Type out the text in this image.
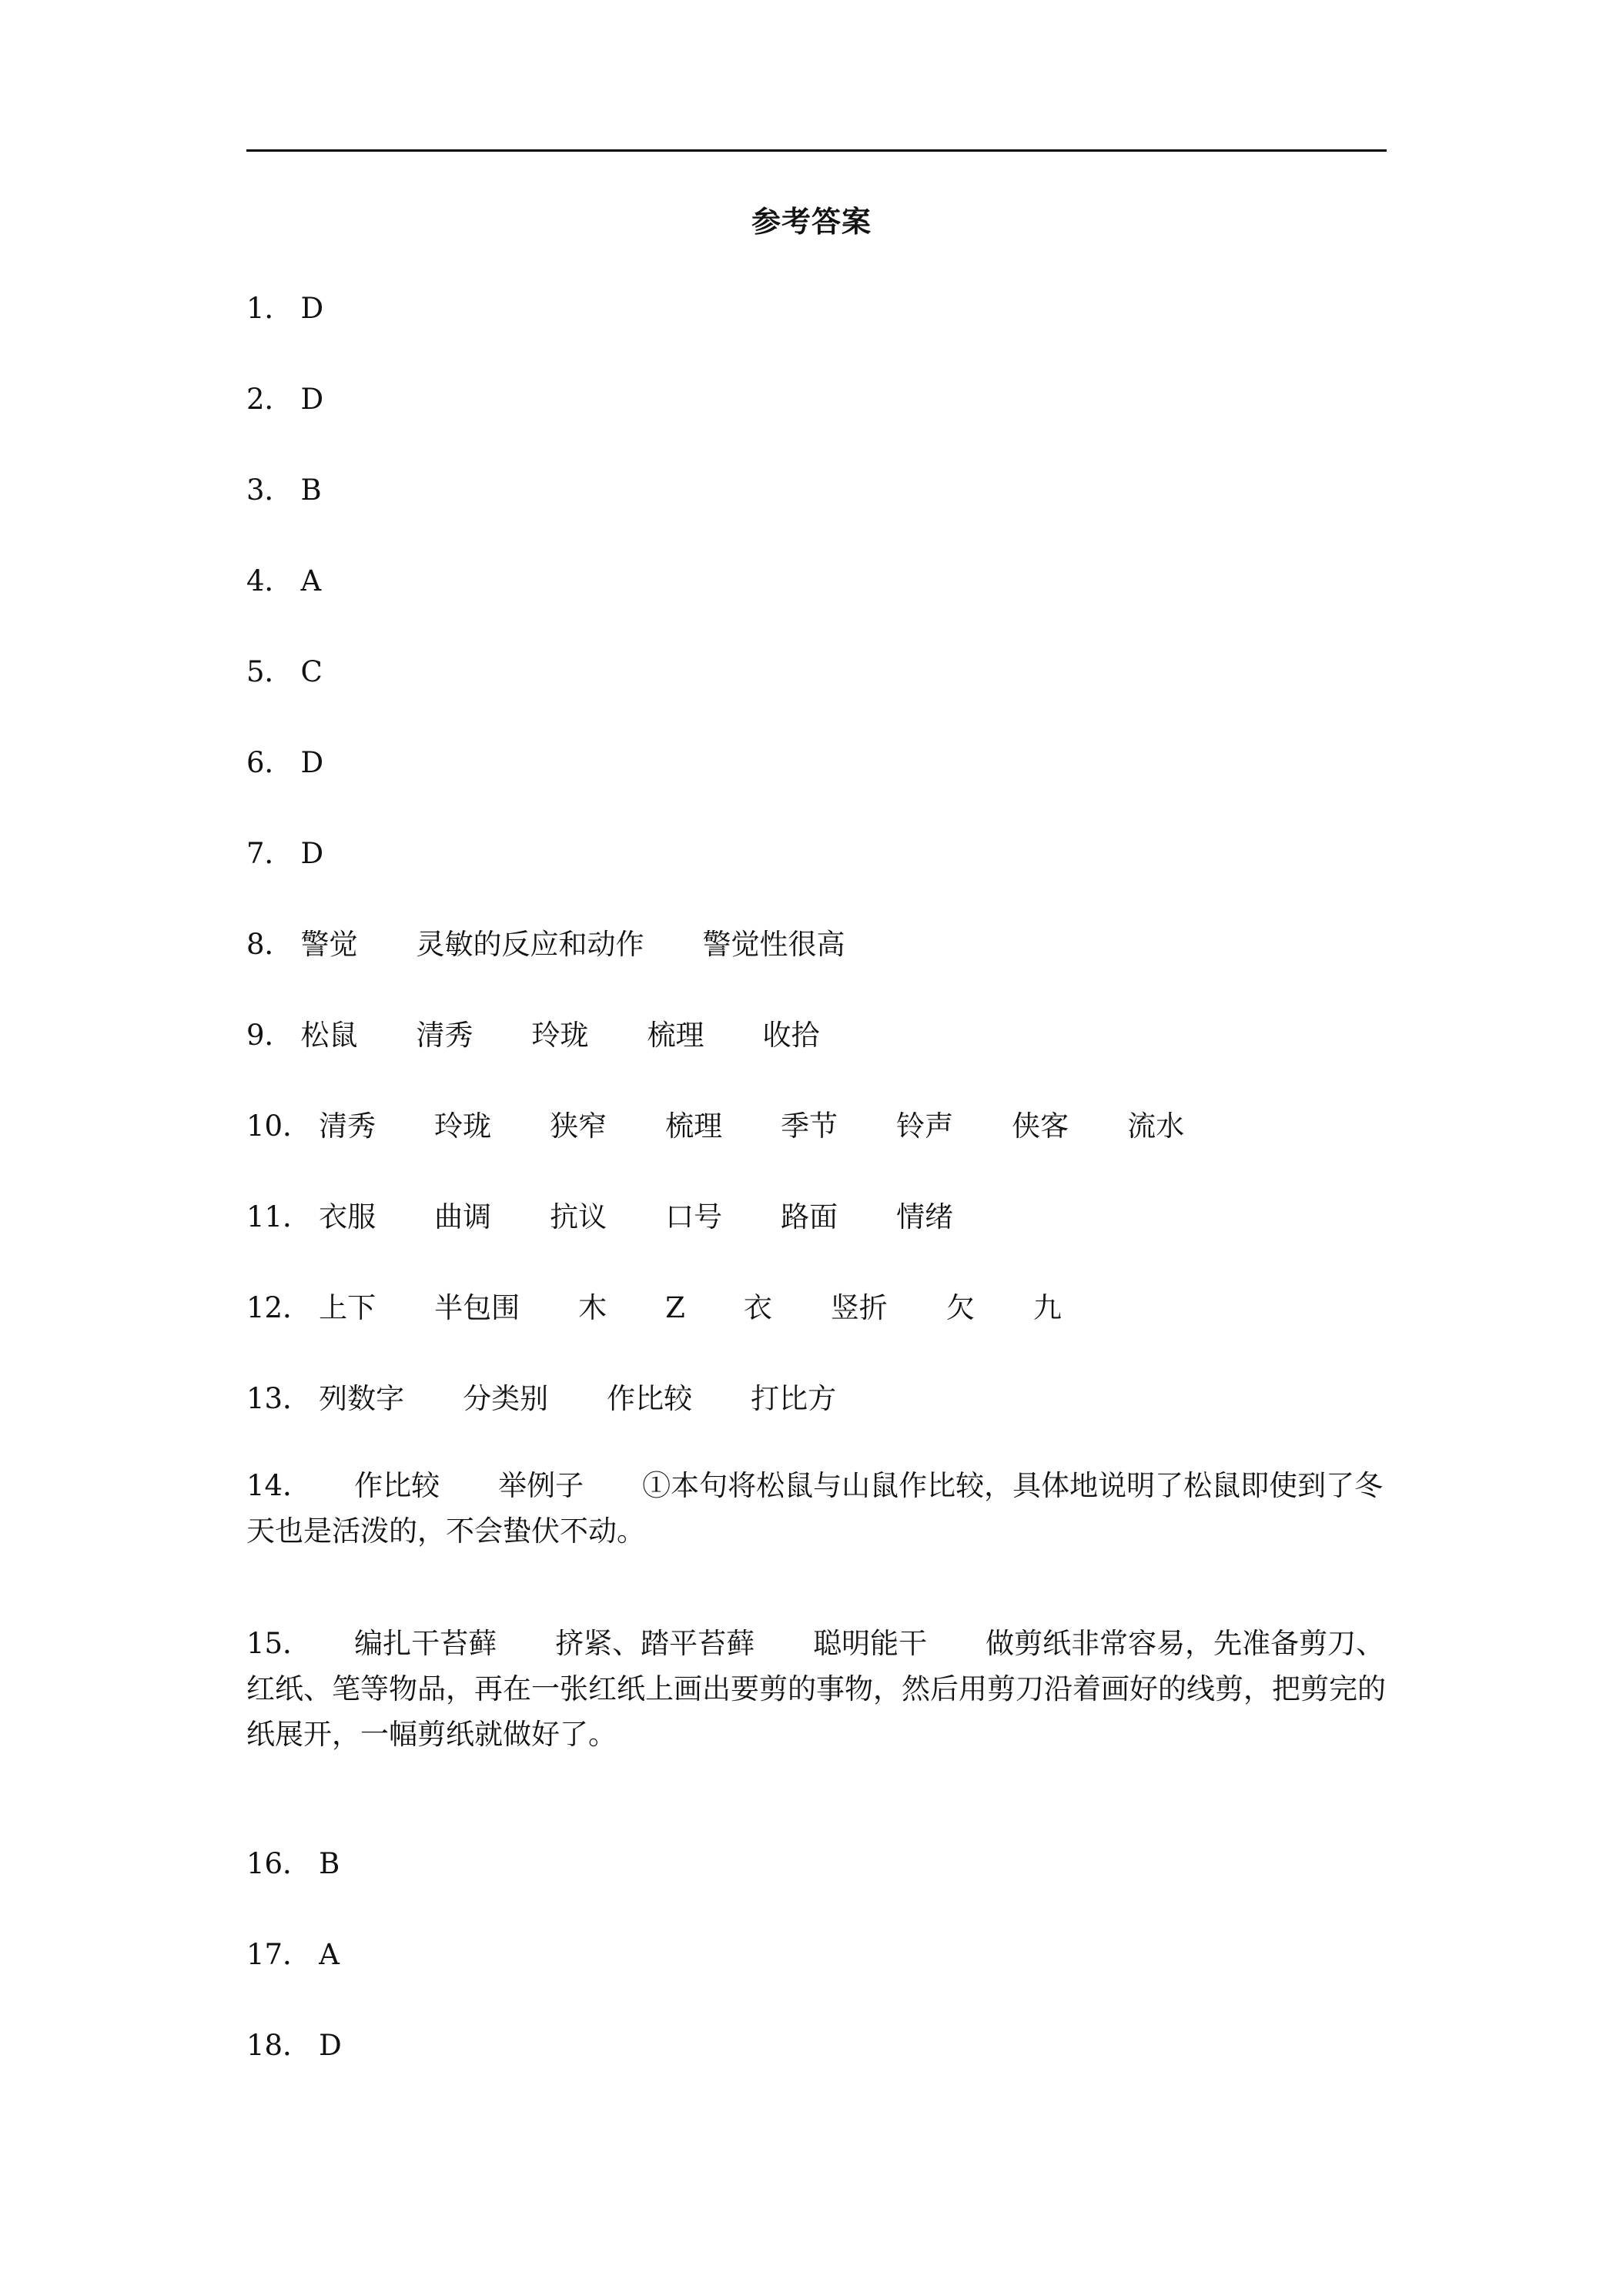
参考答案
1． D
2． D
3． B
4． A
5． C
6． D
7． D
8． 警觉 灵敏的反应和动作 警觉性很高
9． 松鼠 清秀 玲珑 梳理 收拾
10． 清秀 玲珑 狭窄 梳理 季节 铃声 侠客 流水
11． 衣服 曲调 抗议 口号 路面 情绪
12． 上下 半包围 木 Z 衣 竖折 欠 九
13． 列数字 分类别 作比较 打比方
14． 作比较 举例子 ①本句将松鼠与山鼠作比较，具体地说明了松鼠即使到了冬天也是活泼的，不会蛰伏不动。
15． 编扎干苔藓 挤紧、踏平苔藓 聪明能干 做剪纸非常容易，先准备剪刀、红纸、笔等物品，再在一张红纸上画出要剪的事物，然后用剪刀沿着画好的线剪，把剪完的纸展开，一幅剪纸就做好了。
16． B
17． A
18． D
